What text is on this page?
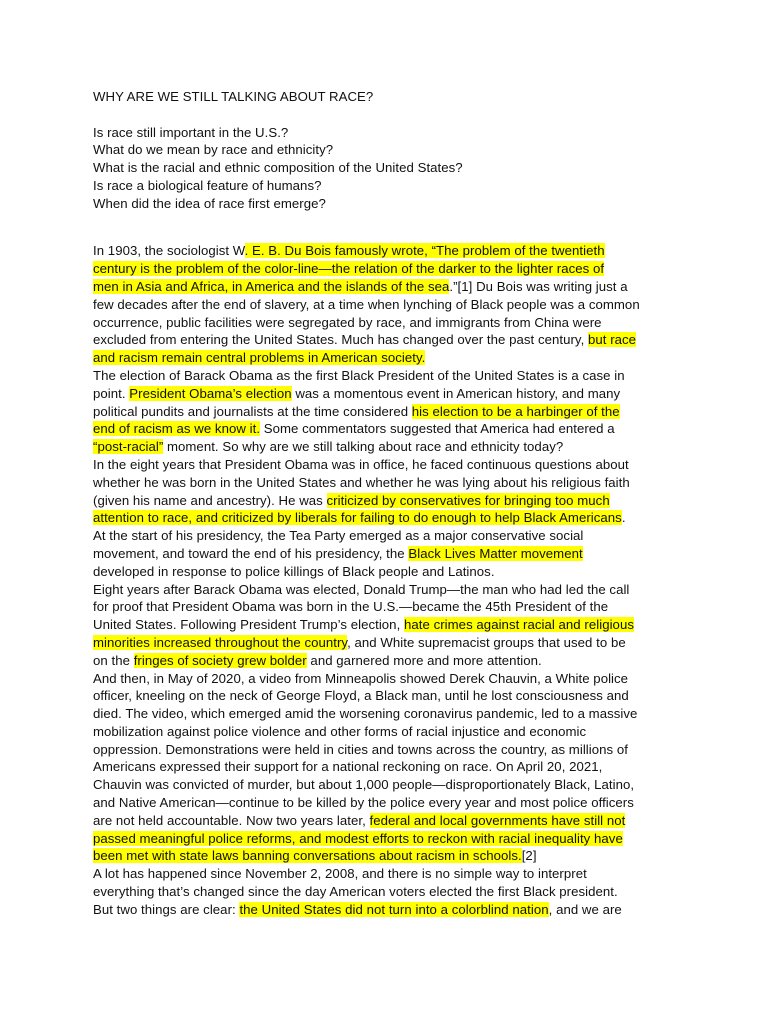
WHY ARE WE STILL TALKING ABOUT RACE?
Is race still important in the U.S.?
What do we mean by race and ethnicity?
What is the racial and ethnic composition of the United States?
Is race a biological feature of humans?
When did the idea of race first emerge?
In 1903, the sociologist W. E. B. Du Bois famously wrote, “The problem of the twentieth
century is the problem of the color-line—the relation of the darker to the lighter races of
men in Asia and Africa, in America and the islands of the sea.”[1] Du Bois was writing just a
few decades after the end of slavery, at a time when lynching of Black people was a common
occurrence, public facilities were segregated by race, and immigrants from China were
excluded from entering the United States. Much has changed over the past century, but race
and racism remain central problems in American society.
The election of Barack Obama as the first Black President of the United States is a case in
point. President Obama’s election was a momentous event in American history, and many
political pundits and journalists at the time considered his election to be a harbinger of the
end of racism as we know it. Some commentators suggested that America had entered a
“post-racial” moment. So why are we still talking about race and ethnicity today?
In the eight years that President Obama was in office, he faced continuous questions about
whether he was born in the United States and whether he was lying about his religious faith
(given his name and ancestry). He was criticized by conservatives for bringing too much
attention to race, and criticized by liberals for failing to do enough to help Black Americans.
At the start of his presidency, the Tea Party emerged as a major conservative social
movement, and toward the end of his presidency, the Black Lives Matter movement
developed in response to police killings of Black people and Latinos.
Eight years after Barack Obama was elected, Donald Trump—the man who had led the call
for proof that President Obama was born in the U.S.—became the 45th President of the
United States. Following President Trump’s election, hate crimes against racial and religious
minorities increased throughout the country, and White supremacist groups that used to be
on the fringes of society grew bolder and garnered more and more attention.
And then, in May of 2020, a video from Minneapolis showed Derek Chauvin, a White police
officer, kneeling on the neck of George Floyd, a Black man, until he lost consciousness and
died. The video, which emerged amid the worsening coronavirus pandemic, led to a massive
mobilization against police violence and other forms of racial injustice and economic
oppression. Demonstrations were held in cities and towns across the country, as millions of
Americans expressed their support for a national reckoning on race. On April 20, 2021,
Chauvin was convicted of murder, but about 1,000 people—disproportionately Black, Latino,
and Native American—continue to be killed by the police every year and most police officers
are not held accountable. Now two years later, federal and local governments have still not
passed meaningful police reforms, and modest efforts to reckon with racial inequality have
been met with state laws banning conversations about racism in schools.[2]
A lot has happened since November 2, 2008, and there is no simple way to interpret
everything that’s changed since the day American voters elected the first Black president.
But two things are clear: the United States did not turn into a colorblind nation, and we are
